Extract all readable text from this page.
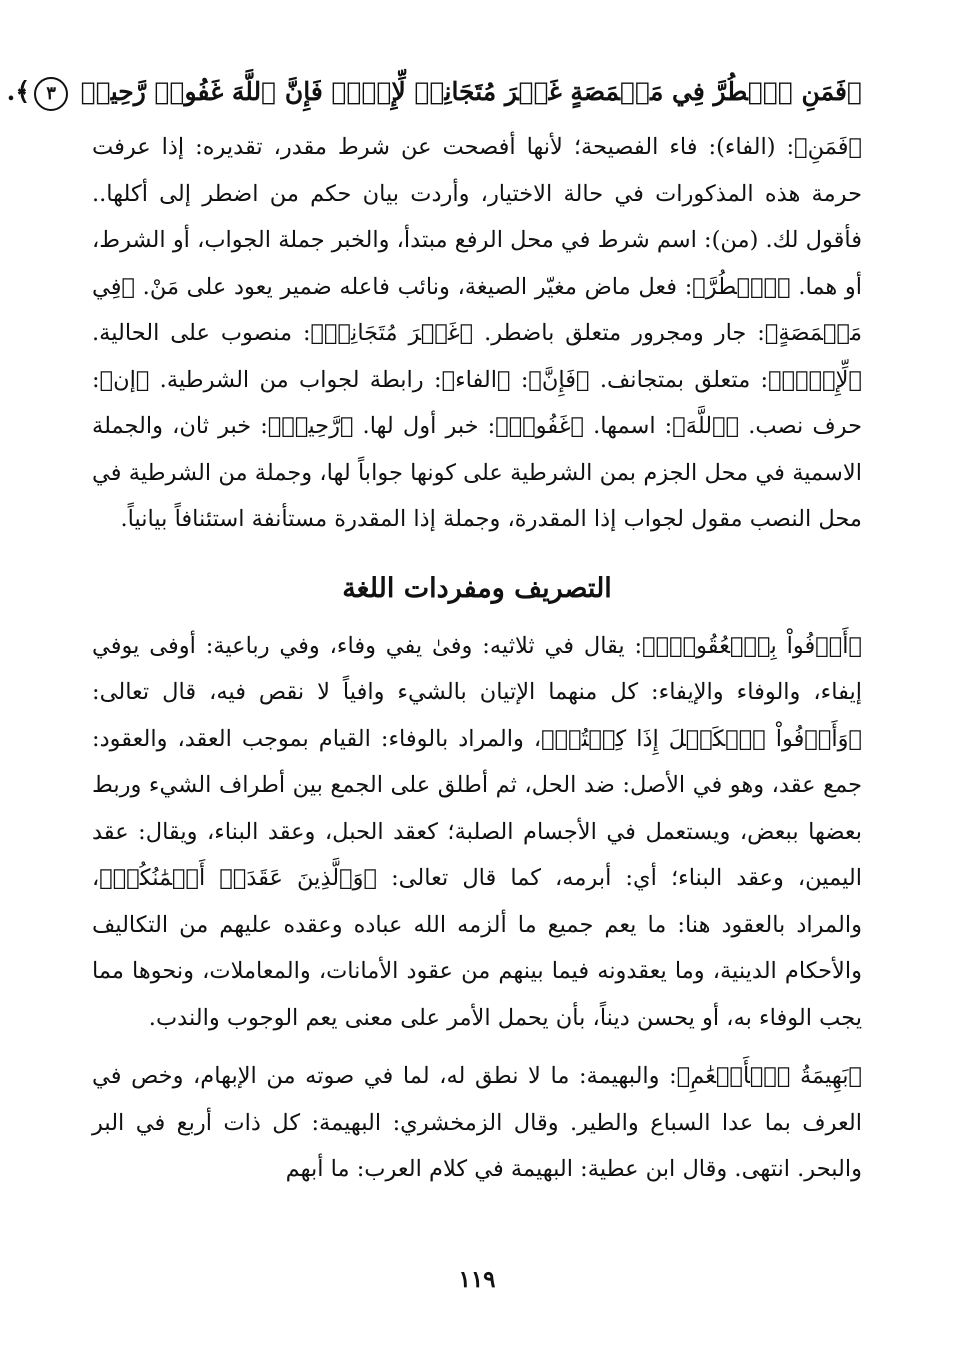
﴿فَمَنِ ٱضۡطُرَّ فِي مَخۡمَصَةٍ غَيۡرَ مُتَجَانِفٖ لِّإِثۡمٖ فَإِنَّ ٱللَّهَ غَفُورٞ رَّحِيمٞ ٣﴾.

﴿فَمَنِ﴾: (الفاء): فاء الفصيحة؛ لأنها أفصحت عن شرط مقدر، تقديره: إذا عرفت حرمة هذه المذكورات في حالة الاختيار، وأردت بيان حكم من اضطر إلى أكلها.. فأقول لك. (من): اسم شرط في محل الرفع مبتدأ، والخبر جملة الجواب، أو الشرط، أو هما. ﴿ٱضۡطُرَّ﴾: فعل ماض مغيّر الصيغة، ونائب فاعله ضمير يعود على مَنْ. ﴿فِي مَخۡمَصَةٍ﴾: جار ومجرور متعلق باضطر. ﴿غَيۡرَ مُتَجَانِفٖ﴾: منصوب على الحالية. ﴿لِّإِثۡمٖ﴾: متعلق بمتجانف. ﴿فَإِنَّ﴾: ﴿الفاء﴾: رابطة لجواب من الشرطية. ﴿إن﴾: حرف نصب. ﴿ٱللَّهَ﴾: اسمها. ﴿غَفُورٞ﴾: خبر أول لها. ﴿رَّحِيمٞ﴾: خبر ثان، والجملة الاسمية في محل الجزم بمن الشرطية على كونها جواباً لها، وجملة من الشرطية في محل النصب مقول لجواب إذا المقدرة، وجملة إذا المقدرة مستأنفة استئنافاً بيانياً.

التصريف ومفردات اللغة

﴿أَوۡفُواْ بِٱلۡعُقُودِۚ﴾: يقال في ثلاثيه: وفىٰ يفي وفاء، وفي رباعية: أوفى يوفي إيفاء، والوفاء والإيفاء: كل منهما الإتيان بالشيء وافياً لا نقص فيه، قال تعالى: ﴿وَأَوۡفُواْ ٱلۡكَيۡلَ إِذَا كِلۡتُمۡ﴾، والمراد بالوفاء: القيام بموجب العقد، والعقود: جمع عقد، وهو في الأصل: ضد الحل، ثم أطلق على الجمع بين أطراف الشيء وربط بعضها ببعض، ويستعمل في الأجسام الصلبة؛ كعقد الحبل، وعقد البناء، ويقال: عقد اليمين، وعقد البناء؛ أي: أبرمه، كما قال تعالى: ﴿وَٱلَّذِينَ عَقَدَتۡ أَيۡمَٰنُكُمۡ﴾، والمراد بالعقود هنا: ما يعم جميع ما ألزمه الله عباده وعقده عليهم من التكاليف والأحكام الدينية، وما يعقدونه فيما بينهم من عقود الأمانات، والمعاملات، ونحوها مما يجب الوفاء به، أو يحسن ديناً، بأن يحمل الأمر على معنى يعم الوجوب والندب.

﴿بَهِيمَةُ ٱلۡأَنۡعَٰمِ﴾: والبهيمة: ما لا نطق له، لما في صوته من الإبهام، وخص في العرف بما عدا السباع والطير. وقال الزمخشري: البهيمة: كل ذات أربع في البر والبحر. انتهى. وقال ابن عطية: البهيمة في كلام العرب: ما أبهم

١١٩
